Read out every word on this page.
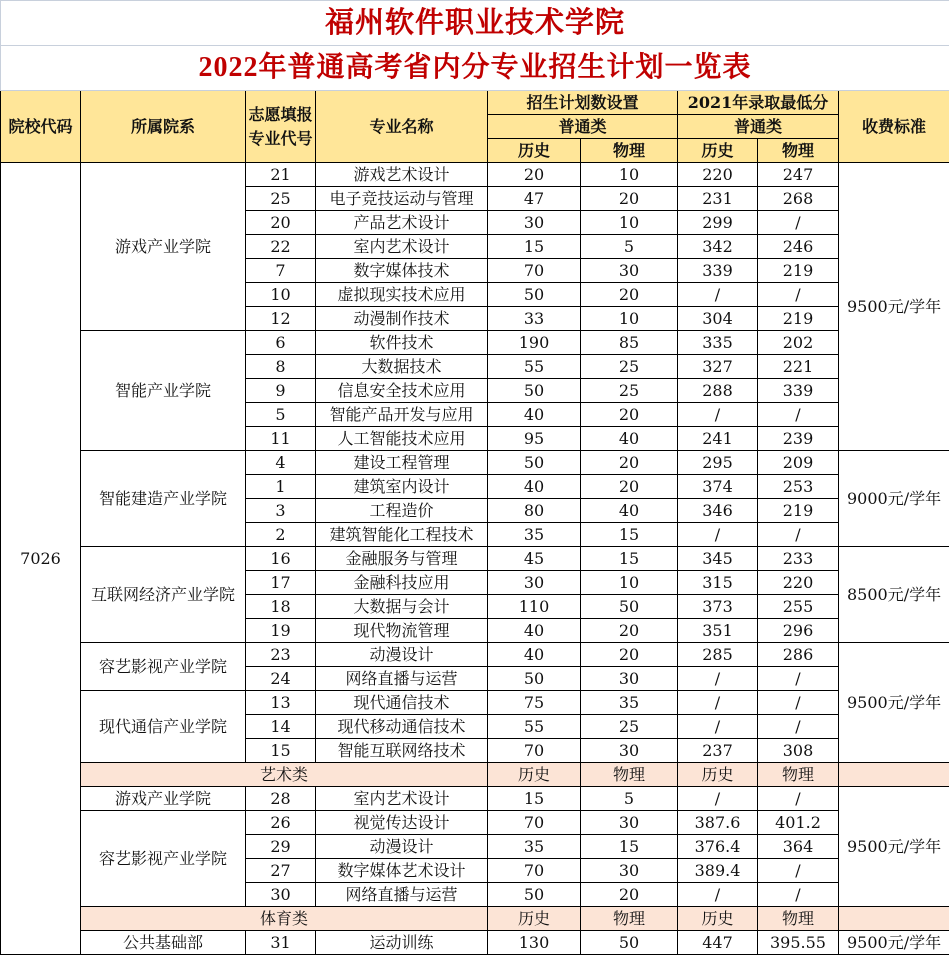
福州软件职业技术学院								
2022年普通高考省内分专业招生计划一览表								
院校代码	所属院系	志愿填报专业代号	专业名称	招生计划数设置		2021年录取最低分		收费标准
				普通类		普通类		
				历史	物理	历史	物理	
7026	游戏产业学院	21	游戏艺术设计	20	10	220	247	9500元/学年
		25	电子竞技运动与管理	47	20	231	268	
		20	产品艺术设计	30	10	299	/	
		22	室内艺术设计	15	5	342	246	
		7	数字媒体技术	70	30	339	219	
		10	虚拟现实技术应用	50	20	/	/	
		12	动漫制作技术	33	10	304	219	
	智能产业学院	6	软件技术	190	85	335	202	
		8	大数据技术	55	25	327	221	
		9	信息安全技术应用	50	25	288	339	
		5	智能产品开发与应用	40	20	/	/	
		11	人工智能技术应用	95	40	241	239	
	智能建造产业学院	4	建设工程管理	50	20	295	209	9000元/学年
		1	建筑室内设计	40	20	374	253	
		3	工程造价	80	40	346	219	
		2	建筑智能化工程技术	35	15	/	/	
	互联网经济产业学院	16	金融服务与管理	45	15	345	233	8500元/学年
		17	金融科技应用	30	10	315	220	
		18	大数据与会计	110	50	373	255	
		19	现代物流管理	40	20	351	296	
	容艺影视产业学院	23	动漫设计	40	20	285	286	9500元/学年
		24	网络直播与运营	50	30	/	/	
	现代通信产业学院	13	现代通信技术	75	35	/	/	
		14	现代移动通信技术	55	25	/	/	
		15	智能互联网络技术	70	30	237	308	
	艺术类			历史	物理	历史	物理	
	游戏产业学院	28	室内艺术设计	15	5	/	/	9500元/学年
	容艺影视产业学院	26	视觉传达设计	70	30	387.6	401.2	
		29	动漫设计	35	15	376.4	364	
		27	数字媒体艺术设计	70	30	389.4	/	
		30	网络直播与运营	50	20	/	/	
	体育类			历史	物理	历史	物理	
	公共基础部	31	运动训练	130	50	447	395.55	9500元/学年
